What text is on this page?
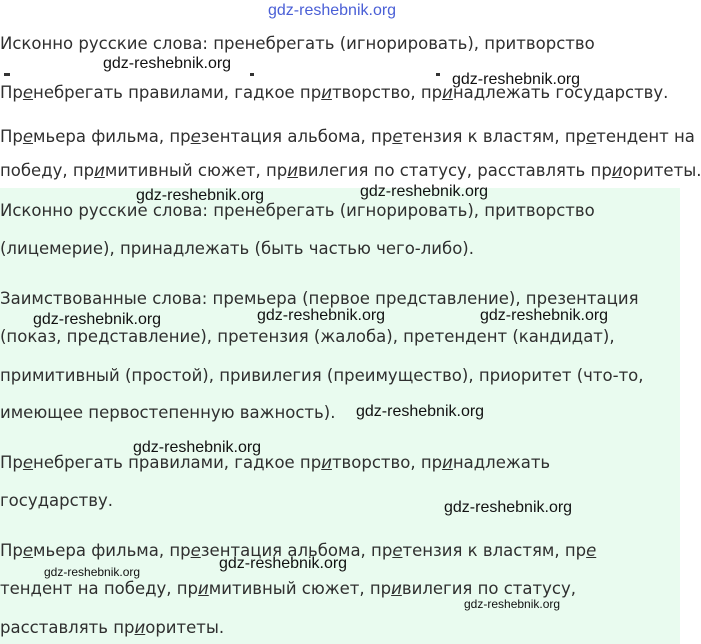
Исконно русские слова: пренебрегать (игнорировать), притворство
Пренебрегать правилами, гадкое притворство, принадлежать государству.
Премьера фильма, презентация альбома, претензия к властям, претендент на
победу, примитивный сюжет, привилегия по статусу, расставлять приоритеты.
Исконно русские слова: пренебрегать (игнорировать), притворство
(лицемерие), принадлежать (быть частью чего-либо).
Заимствованные слова: премьера (первое представление), презентация
(показ, представление), претензия (жалоба), претендент (кандидат),
примитивный (простой), привилегия (преимущество), приоритет (что-то,
имеющее первостепенную важность).
Пренебрегать правилами, гадкое притворство, принадлежать
государству.
Премьера фильма, презентация альбома, претензия к властям, пре
тендент на победу, примитивный сюжет, привилегия по статусу,
расставлять приоритеты.
gdz-reshebnik.org
gdz-reshebnik.org
gdz-reshebnik.org
gdz-reshebnik.org	gdz-reshebnik.org
gdz-reshebnik.org	gdz-reshebnik.org	gdz-reshebnik.org
gdz-reshebnik.org
gdz-reshebnik.org
gdz-reshebnik.org
gdz-reshebnik.org
gdz-reshebnik.org
gdz-reshebnik.org
